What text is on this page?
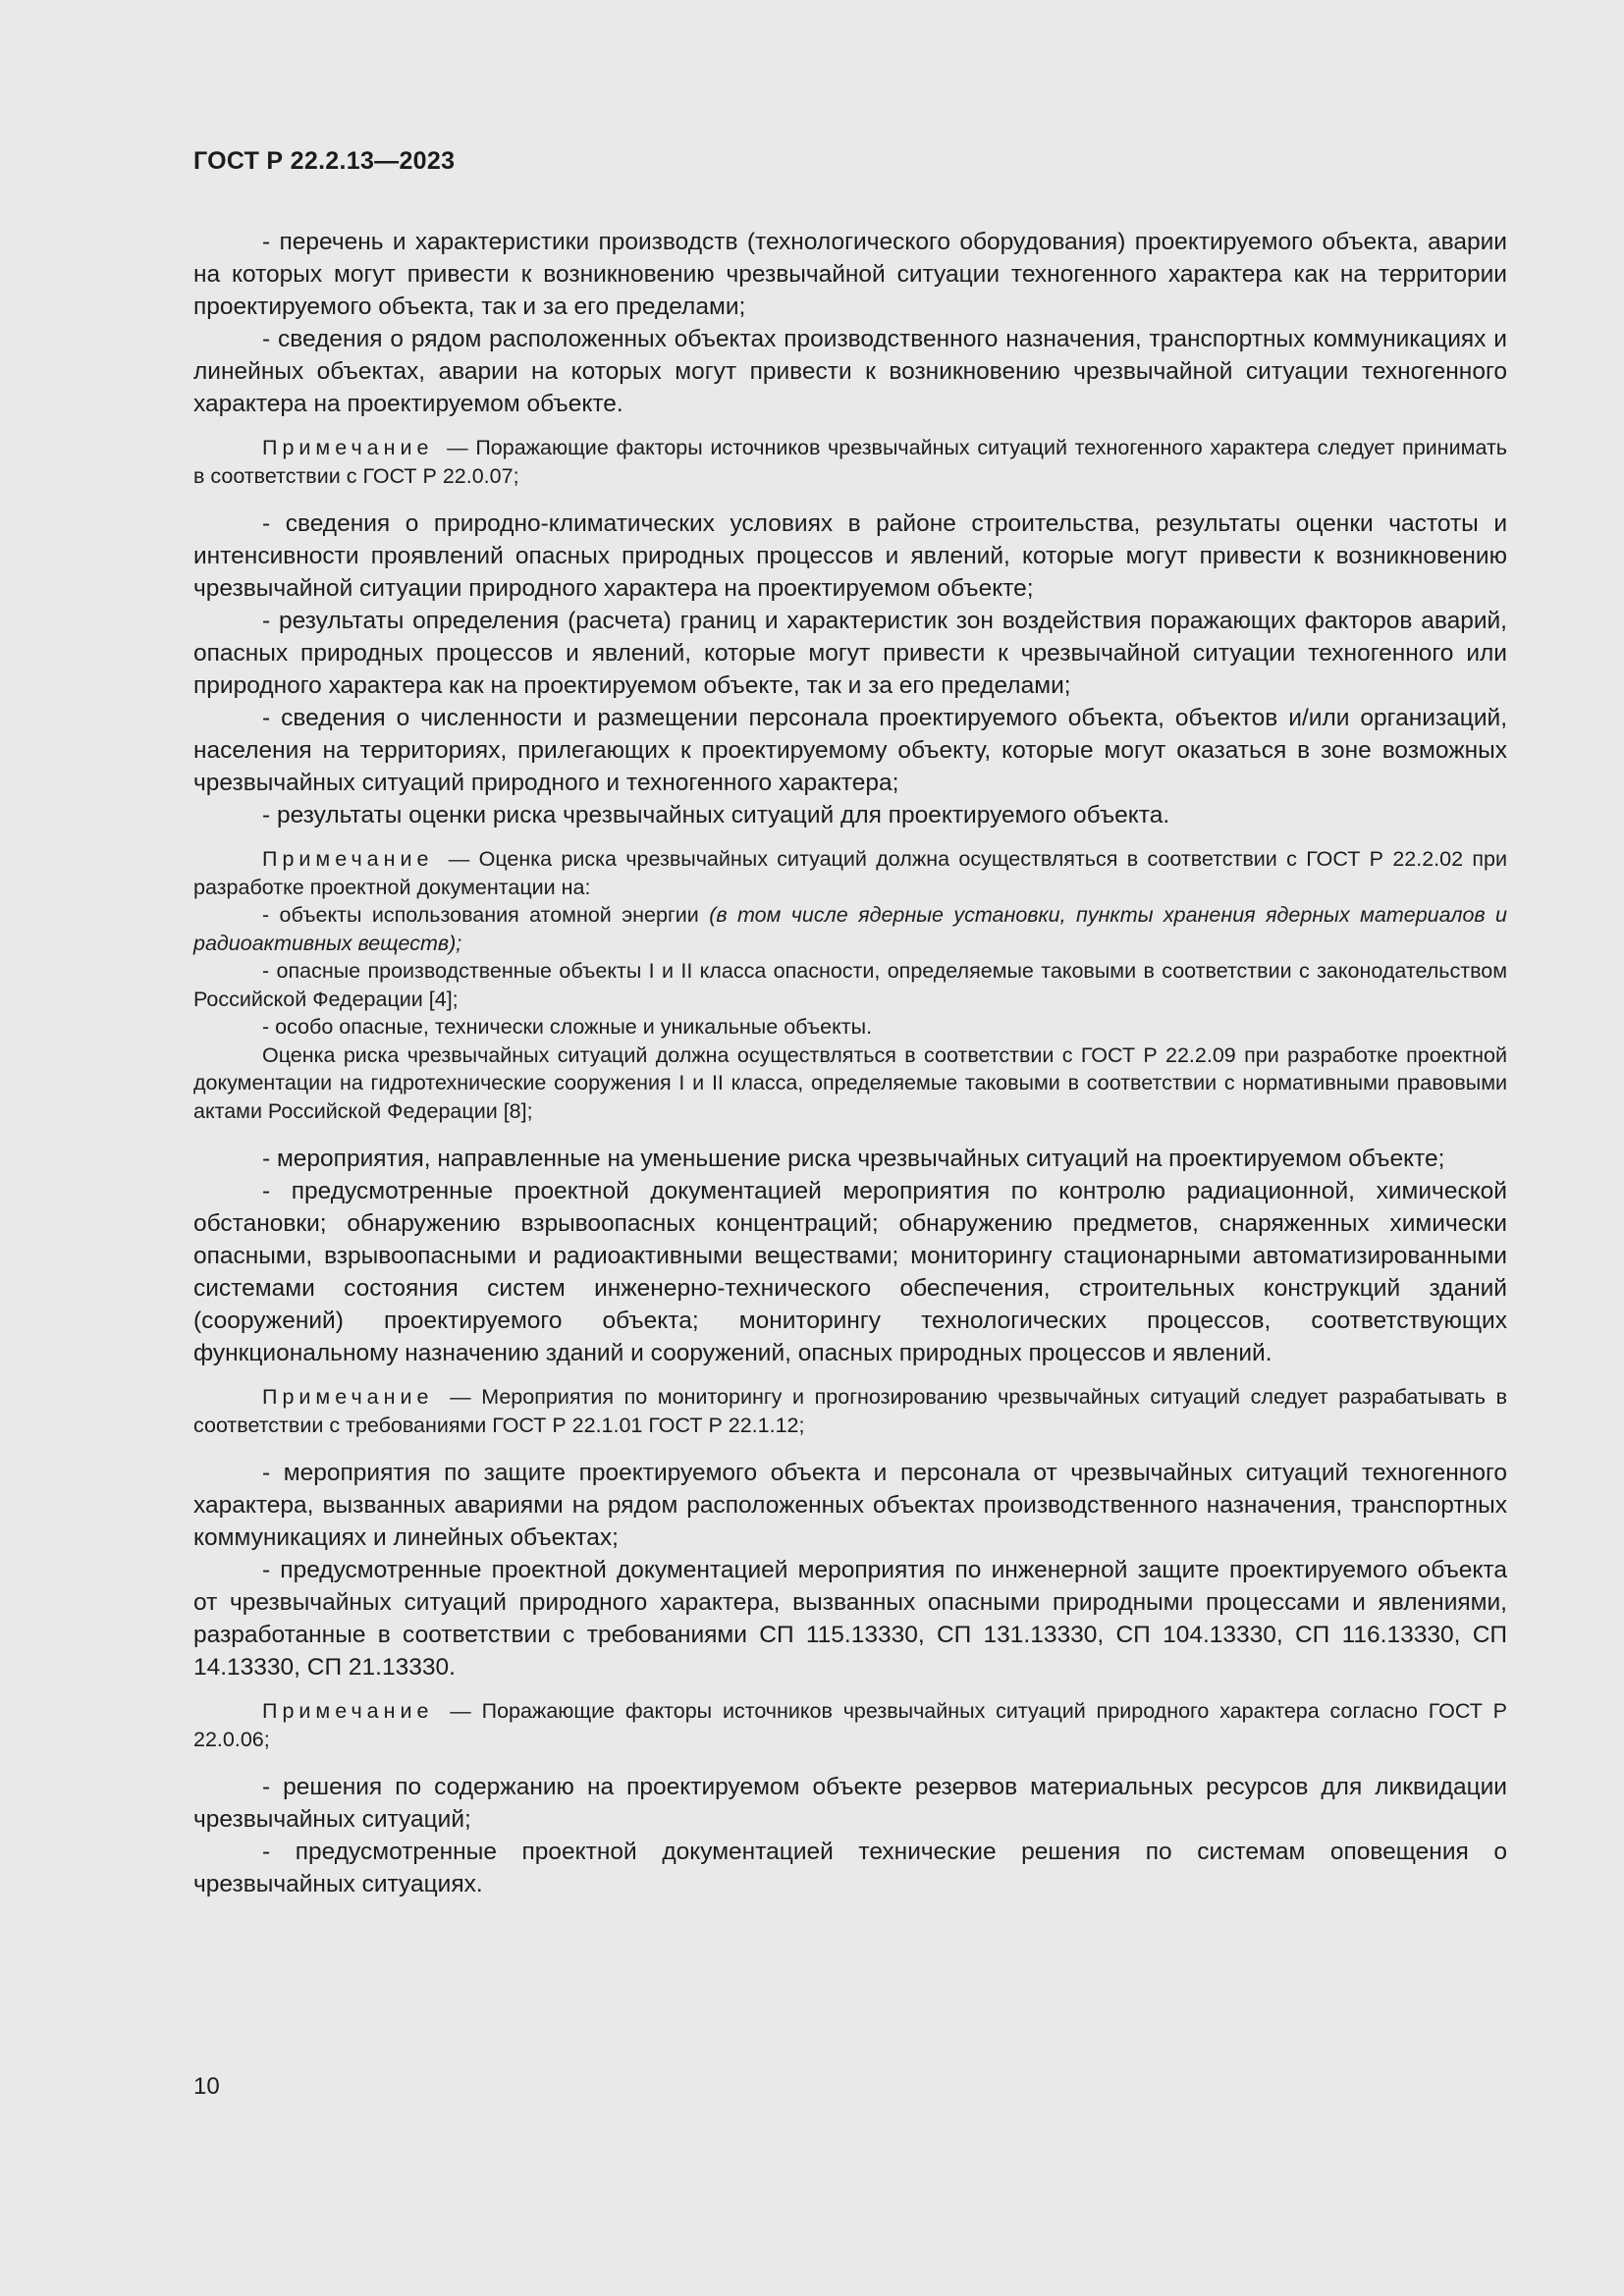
ГОСТ Р 22.2.13—2023

- перечень и характеристики производств (технологического оборудования) проектируемого объекта, аварии на которых могут привести к возникновению чрезвычайной ситуации техногенного характера как на территории проектируемого объекта, так и за его пределами;

- сведения о рядом расположенных объектах производственного назначения, транспортных коммуникациях и линейных объектах, аварии на которых могут привести к возникновению чрезвычайной ситуации техногенного характера на проектируемом объекте.

Примечание — Поражающие факторы источников чрезвычайных ситуаций техногенного характера следует принимать в соответствии с ГОСТ Р 22.0.07;

- сведения о природно-климатических условиях в районе строительства, результаты оценки частоты и интенсивности проявлений опасных природных процессов и явлений, которые могут привести к возникновению чрезвычайной ситуации природного характера на проектируемом объекте;

- результаты определения (расчета) границ и характеристик зон воздействия поражающих факторов аварий, опасных природных процессов и явлений, которые могут привести к чрезвычайной ситуации техногенного или природного характера как на проектируемом объекте, так и за его пределами;

- сведения о численности и размещении персонала проектируемого объекта, объектов и/или организаций, населения на территориях, прилегающих к проектируемому объекту, которые могут оказаться в зоне возможных чрезвычайных ситуаций природного и техногенного характера;

- результаты оценки риска чрезвычайных ситуаций для проектируемого объекта.

Примечание — Оценка риска чрезвычайных ситуаций должна осуществляться в соответствии с ГОСТ Р 22.2.02 при разработке проектной документации на:

- объекты использования атомной энергии (в том числе ядерные установки, пункты хранения ядерных материалов и радиоактивных веществ);

- опасные производственные объекты I и II класса опасности, определяемые таковыми в соответствии с законодательством Российской Федерации [4];

- особо опасные, технически сложные и уникальные объекты.

Оценка риска чрезвычайных ситуаций должна осуществляться в соответствии с ГОСТ Р 22.2.09 при разработке проектной документации на гидротехнические сооружения I и II класса, определяемые таковыми в соответствии с нормативными правовыми актами Российской Федерации [8];

- мероприятия, направленные на уменьшение риска чрезвычайных ситуаций на проектируемом объекте;

- предусмотренные проектной документацией мероприятия по контролю радиационной, химической обстановки; обнаружению взрывоопасных концентраций; обнаружению предметов, снаряженных химически опасными, взрывоопасными и радиоактивными веществами; мониторингу стационарными автоматизированными системами состояния систем инженерно-технического обеспечения, строительных конструкций зданий (сооружений) проектируемого объекта; мониторингу технологических процессов, соответствующих функциональному назначению зданий и сооружений, опасных природных процессов и явлений.

Примечание — Мероприятия по мониторингу и прогнозированию чрезвычайных ситуаций следует разрабатывать в соответствии с требованиями ГОСТ Р 22.1.01 ГОСТ Р 22.1.12;

- мероприятия по защите проектируемого объекта и персонала от чрезвычайных ситуаций техногенного характера, вызванных авариями на рядом расположенных объектах производственного назначения, транспортных коммуникациях и линейных объектах;

- предусмотренные проектной документацией мероприятия по инженерной защите проектируемого объекта от чрезвычайных ситуаций природного характера, вызванных опасными природными процессами и явлениями, разработанные в соответствии с требованиями СП 115.13330, СП 131.13330, СП 104.13330, СП 116.13330, СП 14.13330, СП 21.13330.

Примечание — Поражающие факторы источников чрезвычайных ситуаций природного характера согласно ГОСТ Р 22.0.06;

- решения по содержанию на проектируемом объекте резервов материальных ресурсов для ликвидации чрезвычайных ситуаций;

- предусмотренные проектной документацией технические решения по системам оповещения о чрезвычайных ситуациях.

10
